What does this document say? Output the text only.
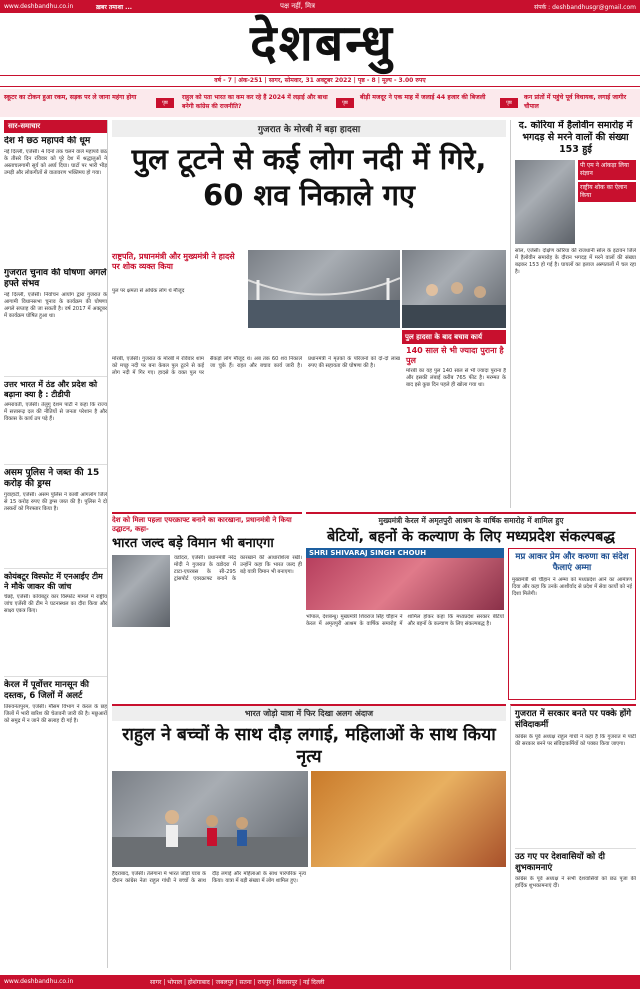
www.deshbandhu.co.in	ख़बर तमाशा ...	पक्ष नहीं, मित्र	संपर्क : deshbandhusgr@gmail.com
देशबन्धु
वर्ष - 7 | अंक-251 | सागर, सोमवार, 31 अक्टूबर 2022 | पृष्ठ - 8 | मूल्य - 3.00 रुपए
स्कूटर का टोकन हुआ रकम, सड़क पर ले जाना महंगा होगा
पृष्ठ
राहुल को पता भारत का कम कर रहे हैं 2024 में लड़ाई और बाधा बनेगी कांग्रेस की राजनीति?	पृष्ठ
बीड़ी मजदूर ने एक माह में जलाई 44 हजार की बिजली
पृष्ठ
कन प्रांतों में पहुंचे पूर्व विधायक, लगाई जागीर चौपाल
सार-समाचार
देश में छठ महापर्व की धूम
नई दिल्ली, एजेंसी। 4 दिनों तक चलने वाले महापर्व छठ के तीसरे दिन रविवार को पूरे देश में श्रद्धालुओं ने अस्ताचलगामी सूर्य को अर्घ्य दिया। घाटों पर भारी भीड़ उमड़ी और लोकगीतों से वातावरण भक्तिमय हो गया।
गुजरात चुनाव की घोषणा अगले हफ्ते संभव
नई दिल्ली, एजेंसी। निर्वाचन आयोग द्वारा गुजरात के आगामी विधानसभा चुनाव के कार्यक्रम की घोषणा अगले सप्ताह की जा सकती है। वर्ष 2017 में अक्टूबर में कार्यक्रम घोषित हुआ था।
उत्तर भारत में ठंड और प्रदेश को बढ़ाना क्या है : टीडीपी
अमरावती, एजेंसी। तेलुगु देशम पार्टी ने कहा कि राज्य में सत्तारूढ़ दल की नीतियों से जनता परेशान है और विकास के कार्य ठप पड़े हैं।
असम पुलिस ने जब्त की 15 करोड़ की ड्रग्स
गुवाहाटी, एजेंसी। असम पुलिस ने कार्बी आंगलोंग जिले से 15 करोड़ रुपए की ड्रग्स जब्त की है। पुलिस ने दो तस्करों को गिरफ्तार किया है।
कोयंबटूर विस्फोट में एनआईए टीम ने मौके जाकर की जांच
चेन्नई, एजेंसी। कोयंबटूर कार विस्फोट मामले में राष्ट्रीय जांच एजेंसी की टीम ने घटनास्थल का दौरा किया और साक्ष्य एकत्र किए।
केरल में पूर्वोत्तर मानसून की दस्तक, 6 जिलों में अलर्ट
तिरुवनंतपुरम, एजेंसी। मौसम विभाग ने केरल के छह जिलों में भारी बारिश की चेतावनी जारी की है। मछुआरों को समुद्र में न जाने की सलाह दी गई है।
गुजरात के मोरबी में बड़ा हादसा
पुल टूटने से कई लोग नदी में गिरे, 60 शव निकाले गए
राष्ट्रपति, प्रधानमंत्री और मुख्यमंत्री ने हादसे पर शोक व्यक्त किया
पुल पर क्षमता से अधिक लोग थे मौजूद
पुल हादसा के बाद बचाव कार्य
मोरबी, एजेंसी। गुजरात के मोरबी में रविवार शाम को मच्छु नदी पर बना केबल पुल टूटने से कई लोग नदी में गिर गए। हादसे के वक्त पुल पर सैकड़ों लोग मौजूद थे। अब तक 60 शव निकाले जा चुके हैं। राहत और बचाव कार्य जारी है। प्रधानमंत्री ने मृतकों के परिजनों को दो-दो लाख रुपए की सहायता की घोषणा की है।
140 साल से भी ज्यादा पुराना है पुल
मोरबी का यह पुल 140 साल से भी ज्यादा पुराना है और इसकी लंबाई करीब 765 फीट है। मरम्मत के बाद इसे कुछ दिन पहले ही खोला गया था।
द. कोरिया में हैलोवीन समारोह में भगदड़ से मरने वालों की संख्या 153 हुई
पी एम ने आंकड़ा लिया संज्ञान
राष्ट्रीय शोक का ऐलान किया
सोल, एजेंसी। दक्षिण कोरिया की राजधानी सोल के इटावन जिले में हैलोवीन समारोह के दौरान भगदड़ में मरने वालों की संख्या बढ़कर 153 हो गई है। घायलों का इलाज अस्पतालों में चल रहा है।
देश को मिला पहला एयरक्राफ्ट बनाने का कारखाना, प्रधानमंत्री ने किया उद्घाटन, कहा-
भारत जल्द बड़े विमान भी बनाएगा
वडोदरा, एजेंसी। प्रधानमंत्री नरेंद्र मोदी ने गुजरात के वडोदरा में टाटा-एयरबस के सी-295 ट्रांसपोर्ट एयरक्राफ्ट बनाने के कारखाने की आधारशिला रखी। उन्होंने कहा कि भारत जल्द ही बड़े यात्री विमान भी बनाएगा।
मुख्यमंत्री केरल में अमृतपुरी आश्रम के वार्षिक समारोह में शामिल हुए
बेटियों, बहनों के कल्याण के लिए मध्यप्रदेश संकल्पबद्ध
SHRI SHIVARAJ SINGH CHOUH
भोपाल, देशबन्धु। मुख्यमंत्री शिवराज सिंह चौहान ने केरल में अमृतपुरी आश्रम के वार्षिक समारोह में शामिल होकर कहा कि मध्यप्रदेश सरकार बेटियों और बहनों के कल्याण के लिए संकल्पबद्ध है।
मप्र आकर प्रेम और करुणा का संदेश फैलाएं अम्मा
मुख्यमंत्री श्री चौहान ने अम्मा को मध्यप्रदेश आने का आमंत्रण दिया और कहा कि उनके आशीर्वाद से प्रदेश में सेवा कार्यों को नई दिशा मिलेगी।
भारत जोड़ो यात्रा में फिर दिखा अलग अंदाज
राहुल ने बच्चों के साथ दौड़ लगाई, महिलाओं के साथ किया नृत्य
हैदराबाद, एजेंसी। तेलंगाना में भारत जोड़ो यात्रा के दौरान कांग्रेस नेता राहुल गांधी ने बच्चों के साथ दौड़ लगाई और महिलाओं के साथ पारंपरिक नृत्य किया। यात्रा में बड़ी संख्या में लोग शामिल हुए।
गुजरात में सरकार बनते पर पक्के होंगे संविदाकर्मी
कांग्रेस के पूर्व अध्यक्ष राहुल गांधी ने कहा है कि गुजरात में पार्टी की सरकार बनने पर संविदाकर्मियों को पक्का किया जाएगा।
उठ गए पर देशवासियों को दी शुभकामनाएं
कांग्रेस के पूर्व अध्यक्ष ने सभी देशवासियों को छठ पूजा की हार्दिक शुभकामनाएं दीं।
www.deshbandhu.co.in	सागर | भोपाल | होशंगाबाद | जबलपुर | सतना | रायपुर | बिलासपुर | नई दिल्ली
